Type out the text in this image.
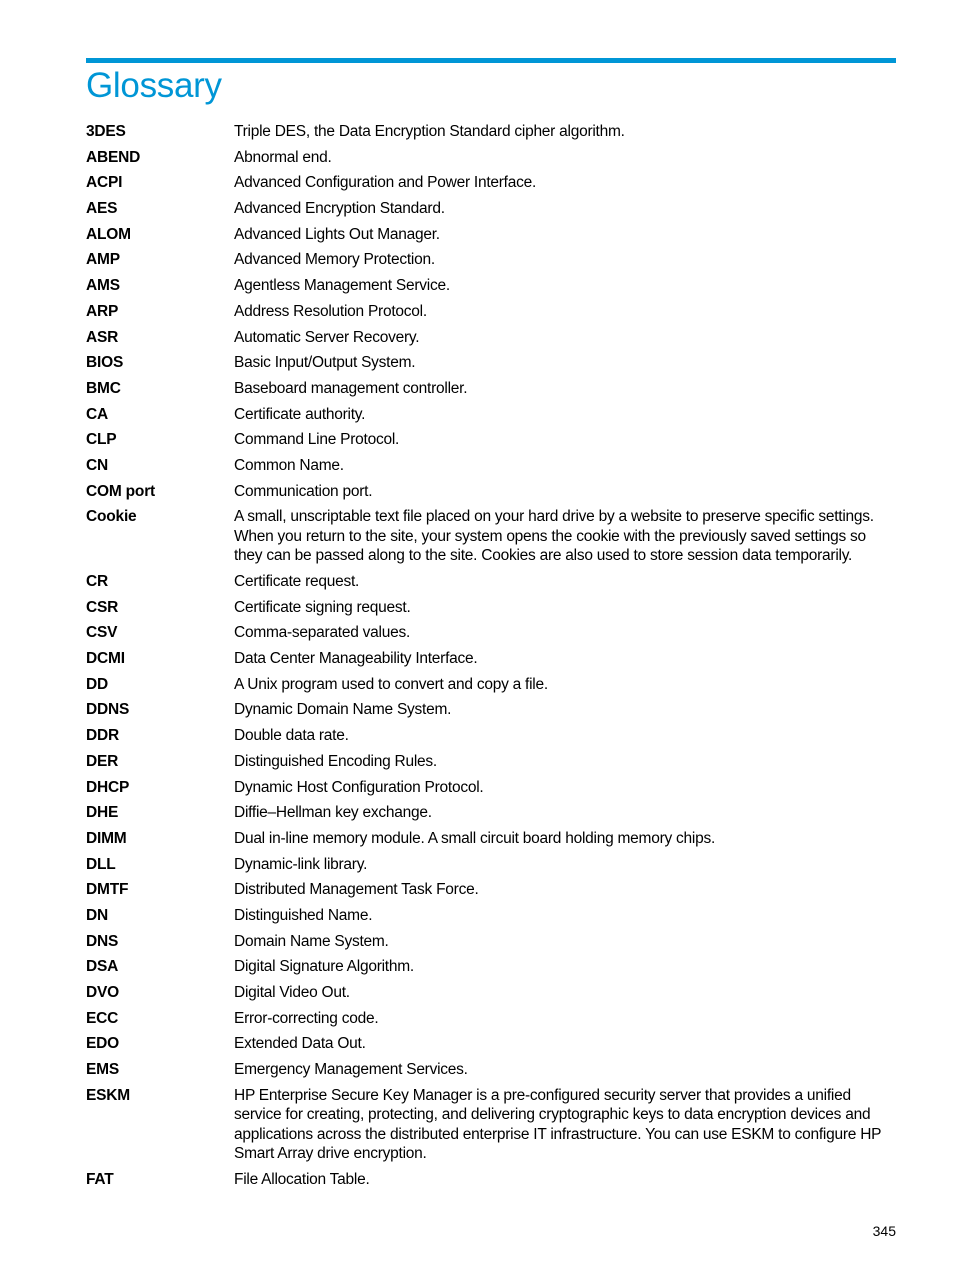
Glossary
3DES	Triple DES, the Data Encryption Standard cipher algorithm.
ABEND	Abnormal end.
ACPI	Advanced Configuration and Power Interface.
AES	Advanced Encryption Standard.
ALOM	Advanced Lights Out Manager.
AMP	Advanced Memory Protection.
AMS	Agentless Management Service.
ARP	Address Resolution Protocol.
ASR	Automatic Server Recovery.
BIOS	Basic Input/Output System.
BMC	Baseboard management controller.
CA	Certificate authority.
CLP	Command Line Protocol.
CN	Common Name.
COM port	Communication port.
Cookie	A small, unscriptable text file placed on your hard drive by a website to preserve specific settings. When you return to the site, your system opens the cookie with the previously saved settings so they can be passed along to the site. Cookies are also used to store session data temporarily.
CR	Certificate request.
CSR	Certificate signing request.
CSV	Comma-separated values.
DCMI	Data Center Manageability Interface.
DD	A Unix program used to convert and copy a file.
DDNS	Dynamic Domain Name System.
DDR	Double data rate.
DER	Distinguished Encoding Rules.
DHCP	Dynamic Host Configuration Protocol.
DHE	Diffie–Hellman key exchange.
DIMM	Dual in-line memory module. A small circuit board holding memory chips.
DLL	Dynamic-link library.
DMTF	Distributed Management Task Force.
DN	Distinguished Name.
DNS	Domain Name System.
DSA	Digital Signature Algorithm.
DVO	Digital Video Out.
ECC	Error-correcting code.
EDO	Extended Data Out.
EMS	Emergency Management Services.
ESKM	HP Enterprise Secure Key Manager is a pre-configured security server that provides a unified service for creating, protecting, and delivering cryptographic keys to data encryption devices and applications across the distributed enterprise IT infrastructure. You can use ESKM to configure HP Smart Array drive encryption.
FAT	File Allocation Table.
345
